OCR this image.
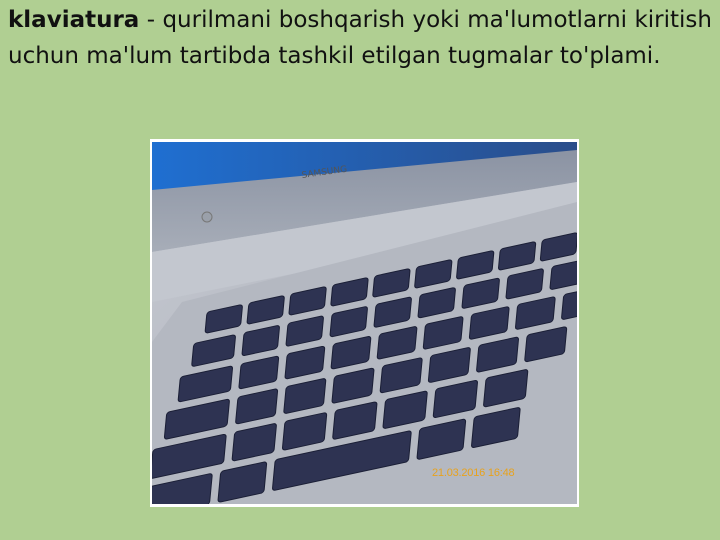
klaviatura - qurilmani boshqarish yoki ma'lumotlarni kiritish uchun ma'lum tartibda tashkil etilgan tugmalar to'plami.

SAMSUNG
21.03.2016 16:48
